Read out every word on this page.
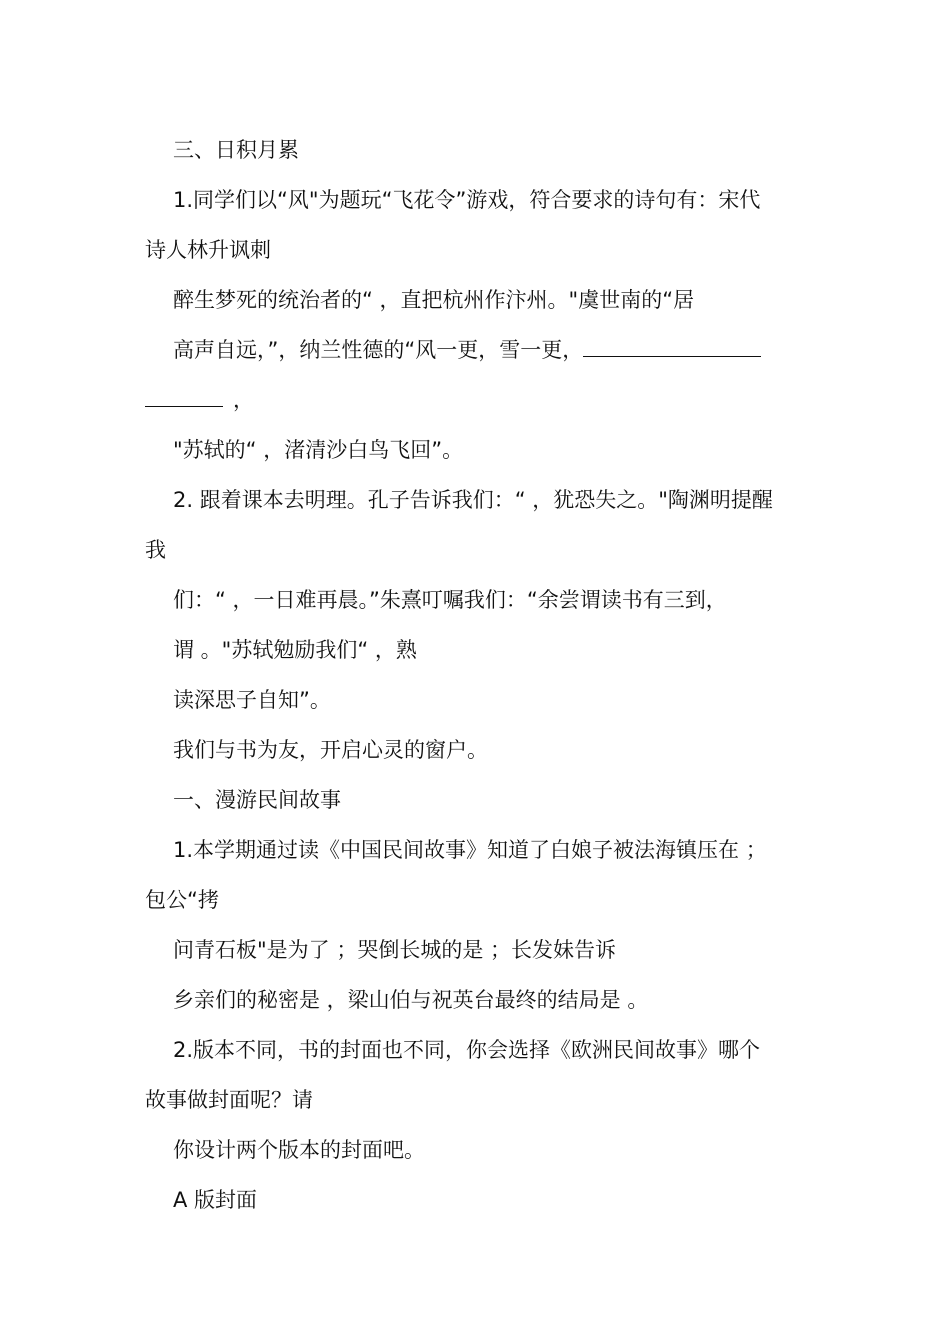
三、日积月累
1.同学们以“风"为题玩“飞花令”游戏，符合要求的诗句有：宋代
诗人林升讽刺
醉生梦死的统治者的“ ，直把杭州作汴州。"虞世南的“居
高声自远，”，纳兰性德的“风一更，雪一更，
，
"苏轼的“ ，渚清沙白鸟飞回”。
2. 跟着课本去明理。孔子告诉我们：“ ，犹恐失之。"陶渊明提醒
我
们：“ ，一日难再晨。”朱熹叮嘱我们：“余尝谓读书有三到，
谓 。"苏轼勉励我们“ ，熟
读深思子自知”。
我们与书为友，开启心灵的窗户。
一、漫游民间故事
1.本学期通过读《中国民间故事》知道了白娘子被法海镇压在 ；
包公“拷
问青石板"是为了 ；哭倒长城的是 ；长发妹告诉
乡亲们的秘密是 ，梁山伯与祝英台最终的结局是 。
2.版本不同，书的封面也不同，你会选择《欧洲民间故事》哪个
故事做封面呢？请
你设计两个版本的封面吧。
A 版封面
